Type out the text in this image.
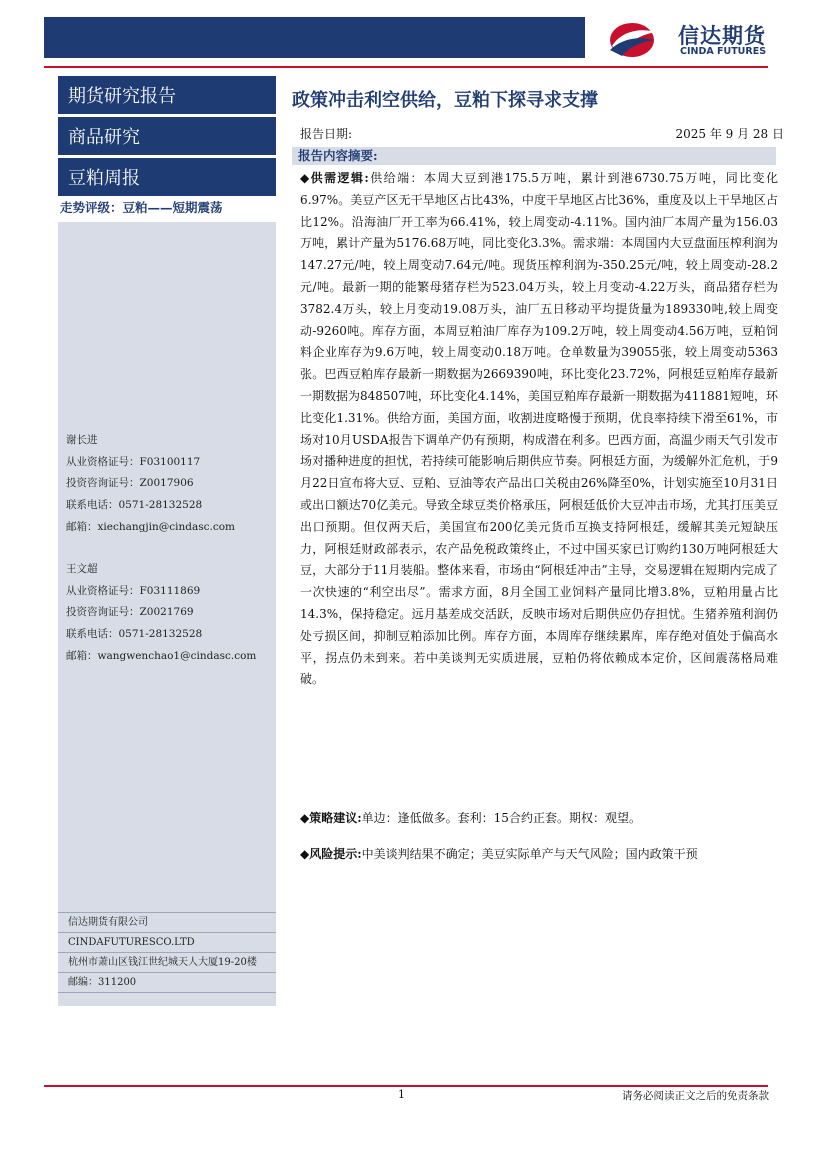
信达期货
CINDA FUTURES
期货研究报告
商品研究
豆粕周报
走势评级：豆粕——短期震荡
谢长进
从业资格证号：F03100117
投资咨询证号：Z0017906
联系电话：0571-28132528
邮箱：xiechangjin@cindasc.com
王文超
从业资格证号：F03111869
投资咨询证号：Z0021769
联系电话：0571-28132528
邮箱：wangwenchao1@cindasc.com
信达期货有限公司
CINDAFUTURESCO.LTD
杭州市萧山区钱江世纪城天人大厦19-20楼
邮编：311200
政策冲击利空供给，豆粕下探寻求支撑
报告日期:	2025 年 9 月 28 日
报告内容摘要:
◆供需逻辑:供给端：本周大豆到港175.5万吨，累计到港6730.75万吨，同比变化6.97%。美豆产区无干旱地区占比43%，中度干旱地区占比36%，重度及以上干旱地区占比12%。沿海油厂开工率为66.41%，较上周变动-4.11%。国内油厂本周产量为156.03万吨，累计产量为5176.68万吨，同比变化3.3%。需求端：本周国内大豆盘面压榨利润为147.27元/吨，较上周变动7.64元/吨。现货压榨利润为-350.25元/吨，较上周变动-28.2元/吨。最新一期的能繁母猪存栏为523.04万头，较上月变动-4.22万头，商品猪存栏为3782.4万头，较上月变动19.08万头，油厂五日移动平均提货量为189330吨,较上周变动-9260吨。库存方面，本周豆粕油厂库存为109.2万吨，较上周变动4.56万吨，豆粕饲料企业库存为9.6万吨，较上周变动0.18万吨。仓单数量为39055张，较上周变动5363张。巴西豆粕库存最新一期数据为2669390吨，环比变化23.72%，阿根廷豆粕库存最新一期数据为848507吨，环比变化4.14%，美国豆粕库存最新一期数据为411881短吨，环比变化1.31%。供给方面，美国方面，收割进度略慢于预期，优良率持续下滑至61%，市场对10月USDA报告下调单产仍有预期，构成潜在利多。巴西方面，高温少雨天气引发市场对播种进度的担忧，若持续可能影响后期供应节奏。阿根廷方面，为缓解外汇危机，于9月22日宣布将大豆、豆粕、豆油等农产品出口关税由26%降至0%，计划实施至10月31日或出口额达70亿美元。导致全球豆类价格承压，阿根廷低价大豆冲击市场，尤其打压美豆出口预期。但仅两天后，美国宣布200亿美元货币互换支持阿根廷，缓解其美元短缺压力，阿根廷财政部表示，农产品免税政策终止，不过中国买家已订购约130万吨阿根廷大豆，大部分于11月装船。整体来看，市场由“阿根廷冲击”主导，交易逻辑在短期内完成了一次快速的“利空出尽”。需求方面，8月全国工业饲料产量同比增3.8%，豆粕用量占比14.3%，保持稳定。远月基差成交活跃，反映市场对后期供应仍存担忧。生猪养殖利润仍处亏损区间，抑制豆粕添加比例。库存方面，本周库存继续累库，库存绝对值处于偏高水平，拐点仍未到来。若中美谈判无实质进展，豆粕仍将依赖成本定价，区间震荡格局难破。
◆策略建议:单边：逢低做多。套利：15合约正套。期权：观望。
◆风险提示:中美谈判结果不确定；美豆实际单产与天气风险；国内政策干预
1	请务必阅读正文之后的免责条款
